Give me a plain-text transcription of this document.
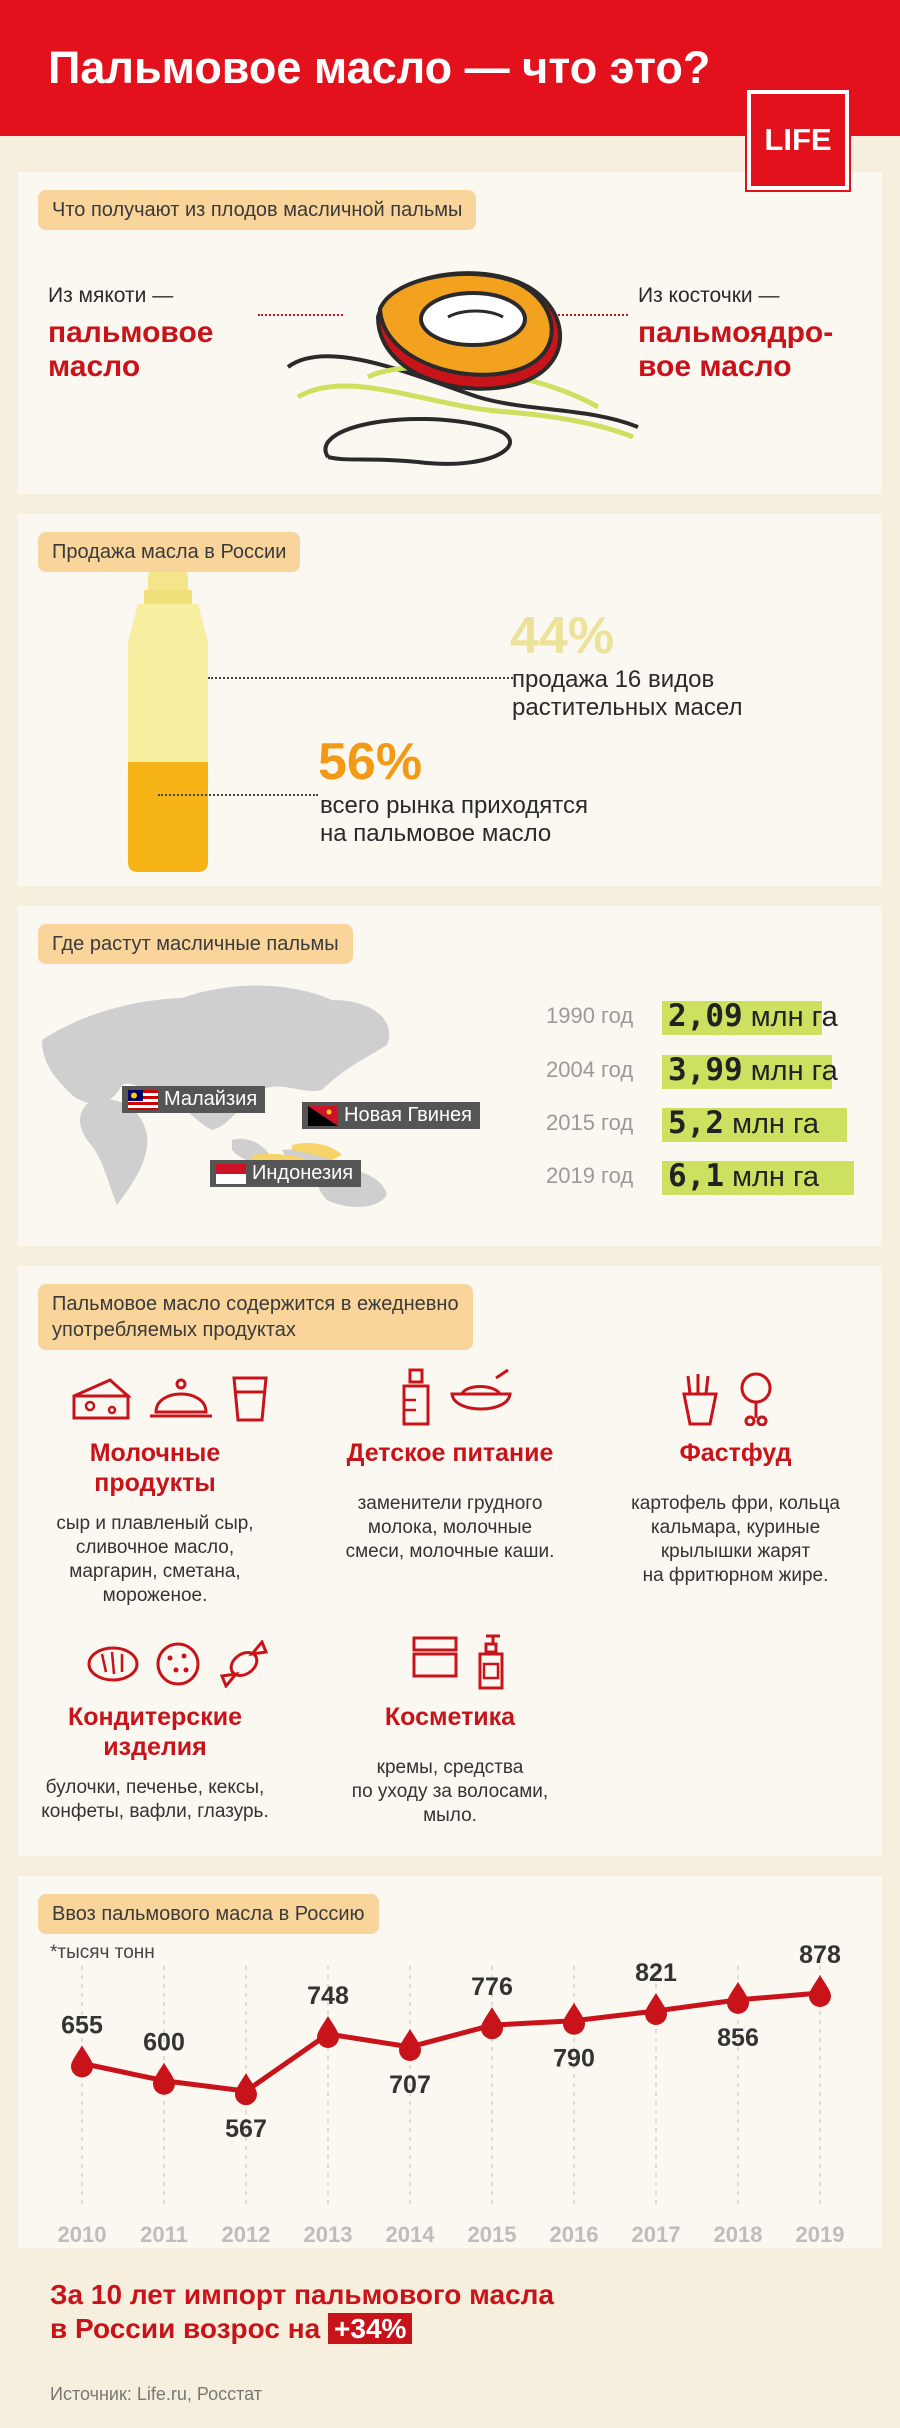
Пальмовое масло — что это?
LIFE
Что получают из плодов масличной пальмы
Из мякоти —
пальмовое
масло
Из косточки —
пальмоядро-
вое масло
Продажа масла в России
44%
продажа 16 видов
растительных масел
56%
всего рынка приходятся
на пальмовое масло
Где растут масличные пальмы
Малайзия
Новая Гвинея
Индонезия
1990 год	2,09 млн га
2004 год	3,99 млн га
2015 год	5,2 млн га
2019 год	6,1 млн га
Пальмовое масло содержится в ежедневно
употребляемых продуктах
Молочные
продукты
сыр и плавленый сыр,
сливочное масло,
маргарин, сметана,
мороженое.
Детское питание
заменители грудного
молока, молочные
смеси, молочные каши.
Фастфуд
картофель фри, кольца
кальмара, куриные
крылышки жарят
на фритюрном жире.
Кондитерские
изделия
булочки, печенье, кексы,
конфеты, вафли, глазурь.
Косметика
кремы, средства
по уходу за волосами,
мыло.
Ввоз пальмового масла в Россию
*тысяч тонн
2010 2011 2012 2013 2014 2015 2016 2017 2018 2019
655
600
567
748
707
776
790
821
856
878
За 10 лет импорт пальмового масла
в России возрос на +34%
Источник: Life.ru, Росстат
